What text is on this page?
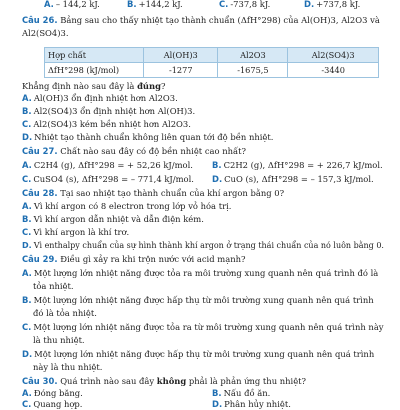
A. – 144,2 kJ.	B. +144,2 kJ.	C. -737,8 kJ.	D. +737,8 kJ.
Câu 26. Bảng sau cho thấy nhiệt tạo thành chuẩn (ΔfH°298) của Al(OH)3, Al2O3 và
Al2(SO4)3.
Hợp chất	Al(OH)3	Al2O3	Al2(SO4)3
ΔfH°298 (kJ/mol)	-1277	-1675,5	-3440
Khẳng định nào sau đây là đúng?
A. Al(OH)3 ổn định nhiệt hơn Al2O3.
B. Al2(SO4)3 ổn định nhiệt hơn Al(OH)3.
C. Al2(SO4)3 kém bền nhiệt hơn Al2O3.
D. Nhiệt tạo thành chuẩn không liên quan tới độ bền nhiệt.
Câu 27. Chất nào sau đây có độ bền nhiệt cao nhất?
A. C2H4 (g), ΔfH°298 = + 52,26 kJ/mol. B. C2H2 (g), ΔfH°298 = + 226,7 kJ/mol.
C. CuSO4 (s), ΔfH°298 = – 771,4 kJ/mol. D. CuO (s), ΔfH°298 = – 157,3 kJ/mol.
Câu 28. Tại sao nhiệt tạo thành chuẩn của khí argon bằng 0?
A. Vì khí argon có 8 electron trong lớp vỏ hóa trị.
B. Vì khí argon dẫn nhiệt và dẫn điện kém.
C. Vì khí argon là khí trơ.
D. Vì enthalpy chuẩn của sự hình thành khí argon ở trạng thái chuẩn của nó luôn bằng 0.
Câu 29. Điều gì xảy ra khi trộn nước với acid mạnh?
A. Một lượng lớn nhiệt năng được tỏa ra môi trường xung quanh nên quá trình đó là
tỏa nhiệt.
B. Một lượng lớn nhiệt năng được hấp thụ từ môi trường xung quanh nên quá trình
đó là tỏa nhiệt.
C. Một lượng lớn nhiệt năng được tỏa ra từ môi trường xung quanh nên quá trình này
là thu nhiệt.
D. Một lượng lớn nhiệt năng được hấp thụ từ môi trường xung quanh nên quá trình
này là thu nhiệt.
Câu 30. Quá trình nào sau đây không phải là phản ứng thu nhiệt?
A. Đóng băng.	B. Nấu đồ ăn.
C. Quang hợp.	D. Phân hủy nhiệt.
